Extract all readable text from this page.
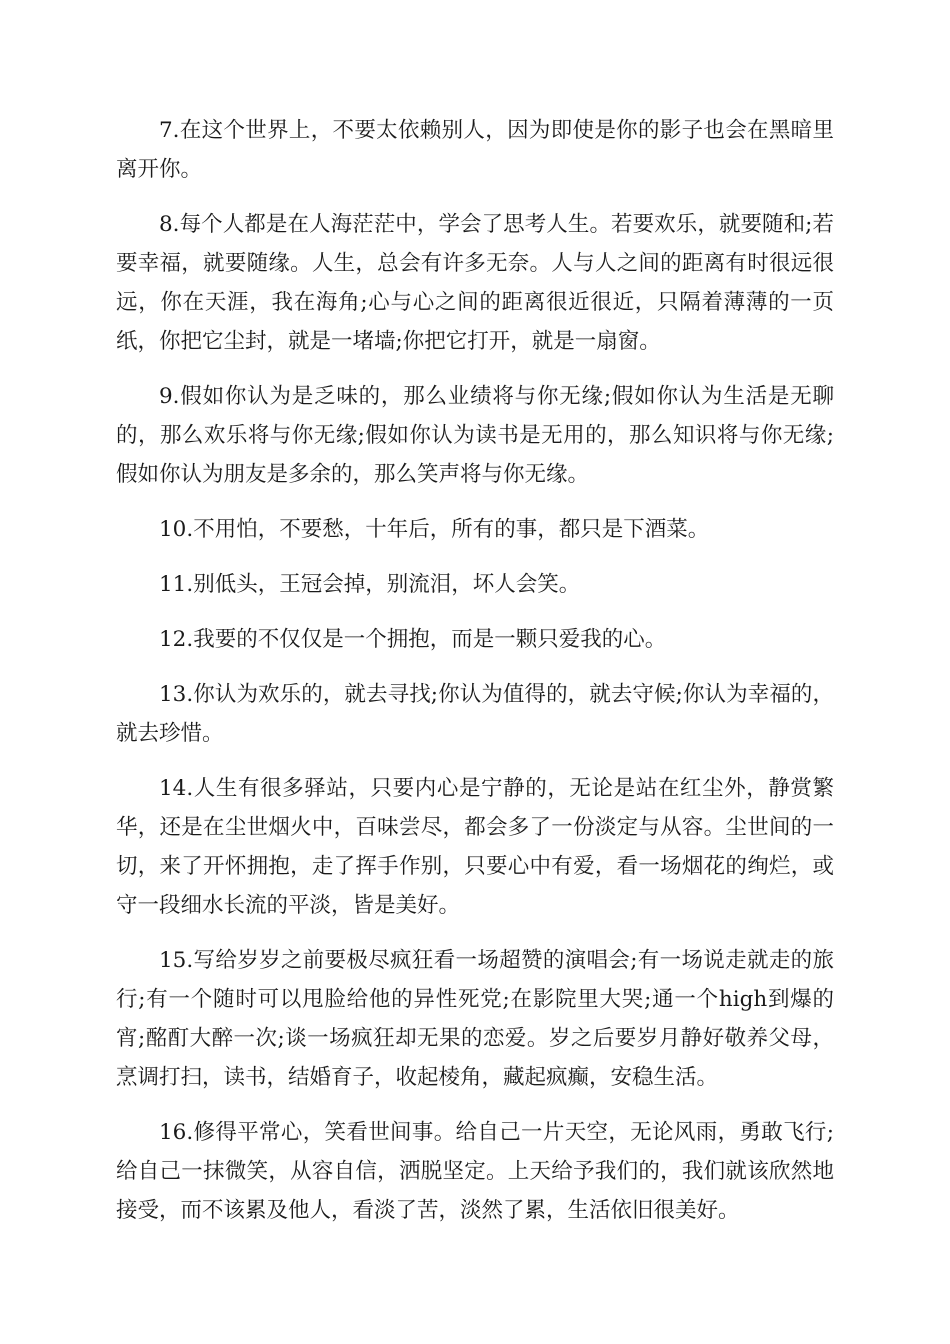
7.在这个世界上，不要太依赖别人，因为即使是你的影子也会在黑暗里离开你。

8.每个人都是在人海茫茫中，学会了思考人生。若要欢乐，就要随和;若要幸福，就要随缘。人生，总会有许多无奈。人与人之间的距离有时很远很远，你在天涯，我在海角;心与心之间的距离很近很近，只隔着薄薄的一页纸，你把它尘封，就是一堵墙;你把它打开，就是一扇窗。

9.假如你认为是乏味的，那么业绩将与你无缘;假如你认为生活是无聊的，那么欢乐将与你无缘;假如你认为读书是无用的，那么知识将与你无缘;假如你认为朋友是多余的，那么笑声将与你无缘。

10.不用怕，不要愁，十年后，所有的事，都只是下酒菜。

11.别低头，王冠会掉，别流泪，坏人会笑。

12.我要的不仅仅是一个拥抱，而是一颗只爱我的心。

13.你认为欢乐的，就去寻找;你认为值得的，就去守候;你认为幸福的，就去珍惜。

14.人生有很多驿站，只要内心是宁静的，无论是站在红尘外，静赏繁华，还是在尘世烟火中，百味尝尽，都会多了一份淡定与从容。尘世间的一切，来了开怀拥抱，走了挥手作别，只要心中有爱，看一场烟花的绚烂，或守一段细水长流的平淡，皆是美好。

15.写给岁岁之前要极尽疯狂看一场超赞的演唱会;有一场说走就走的旅行;有一个随时可以甩脸给他的异性死党;在影院里大哭;通一个high到爆的宵;酩酊大醉一次;谈一场疯狂却无果的恋爱。岁之后要岁月静好敬养父母，烹调打扫，读书，结婚育子，收起棱角，藏起疯癫，安稳生活。

16.修得平常心，笑看世间事。给自己一片天空，无论风雨，勇敢飞行;给自己一抹微笑，从容自信，洒脱坚定。上天给予我们的，我们就该欣然地接受，而不该累及他人，看淡了苦，淡然了累，生活依旧很美好。
